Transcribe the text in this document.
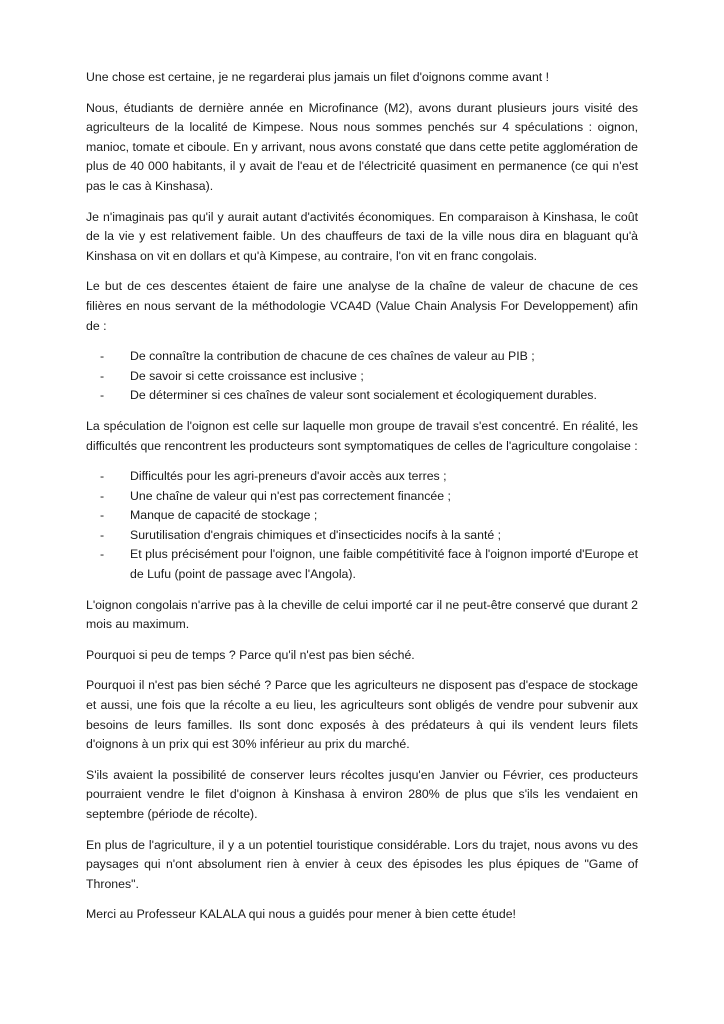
Une chose est certaine, je ne regarderai plus jamais un filet d'oignons comme avant !

Nous, étudiants de dernière année en Microfinance (M2), avons durant plusieurs jours visité des agriculteurs de la localité de Kimpese. Nous nous sommes penchés sur 4 spéculations : oignon, manioc, tomate et ciboule. En y arrivant, nous avons constaté que dans cette petite agglomération de plus de 40 000 habitants, il y avait de l'eau et de l'électricité quasiment en permanence (ce qui n'est pas le cas à Kinshasa).

Je n'imaginais pas qu'il y aurait autant d'activités économiques. En comparaison à Kinshasa, le coût de la vie y est relativement faible. Un des chauffeurs de taxi de la ville nous dira en blaguant qu'à Kinshasa on vit en dollars et qu'à Kimpese, au contraire, l'on vit en franc congolais.

Le but de ces descentes étaient de faire une analyse de la chaîne de valeur de chacune de ces filières en nous servant de la méthodologie VCA4D (Value Chain Analysis For Developpement) afin de :

- De connaître la contribution de chacune de ces chaînes de valeur au PIB ;
- De savoir si cette croissance est inclusive ;
- De déterminer si ces chaînes de valeur sont socialement et écologiquement durables.

La spéculation de l'oignon est celle sur laquelle mon groupe de travail s'est concentré. En réalité, les difficultés que rencontrent les producteurs sont symptomatiques de celles de l'agriculture congolaise :

- Difficultés pour les agri-preneurs d'avoir accès aux terres ;
- Une chaîne de valeur qui n'est pas correctement financée ;
- Manque de capacité de stockage ;
- Surutilisation d'engrais chimiques et d'insecticides nocifs à la santé ;
- Et plus précisément pour l'oignon, une faible compétitivité face à l'oignon importé d'Europe et de Lufu (point de passage avec l'Angola).

L'oignon congolais n'arrive pas à la cheville de celui importé car il ne peut-être conservé que durant 2 mois au maximum.

Pourquoi si peu de temps ? Parce qu'il n'est pas bien séché.

Pourquoi il n'est pas bien séché ? Parce que les agriculteurs ne disposent pas d'espace de stockage et aussi, une fois que la récolte a eu lieu, les agriculteurs sont obligés de vendre pour subvenir aux besoins de leurs familles. Ils sont donc exposés à des prédateurs à qui ils vendent leurs filets d'oignons à un prix qui est 30% inférieur au prix du marché.

S'ils avaient la possibilité de conserver leurs récoltes jusqu'en Janvier ou Février, ces producteurs pourraient vendre le filet d'oignon à Kinshasa à environ 280% de plus que s'ils les vendaient en septembre (période de récolte).

En plus de l'agriculture, il y a un potentiel touristique considérable. Lors du trajet, nous avons vu des paysages qui n'ont absolument rien à envier à ceux des épisodes les plus épiques de "Game of Thrones".

Merci au Professeur KALALA qui nous a guidés pour mener à bien cette étude!
